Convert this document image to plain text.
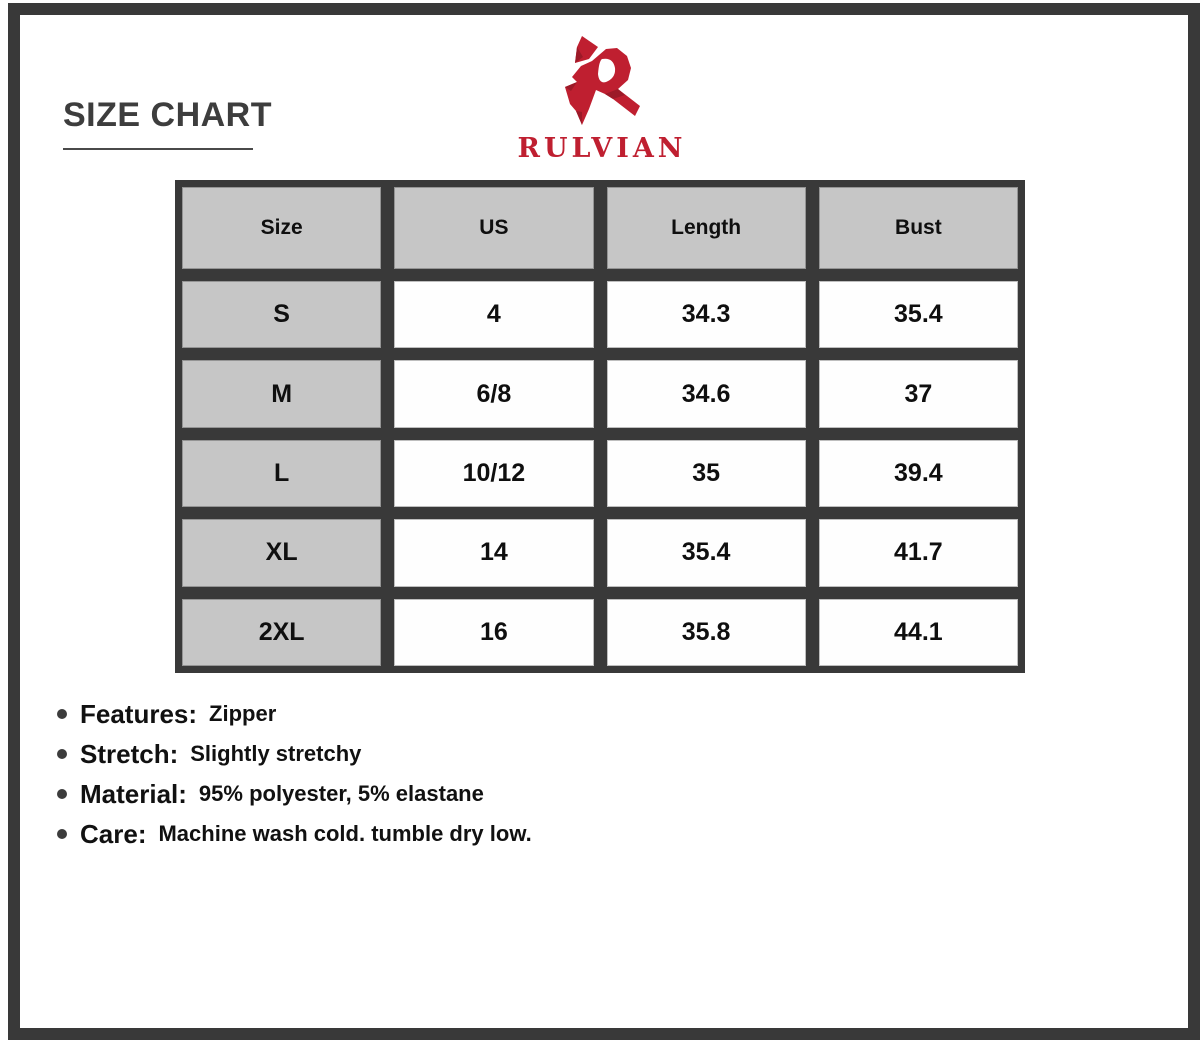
SIZE CHART
RULVIAN
Size	US	Length	Bust
S	4	34.3	35.4
M	6/8	34.6	37
L	10/12	35	39.4
XL	14	35.4	41.7
2XL	16	35.8	44.1
Features: Zipper
Stretch: Slightly stretchy
Material: 95% polyester, 5% elastane
Care: Machine wash cold. tumble dry low.
